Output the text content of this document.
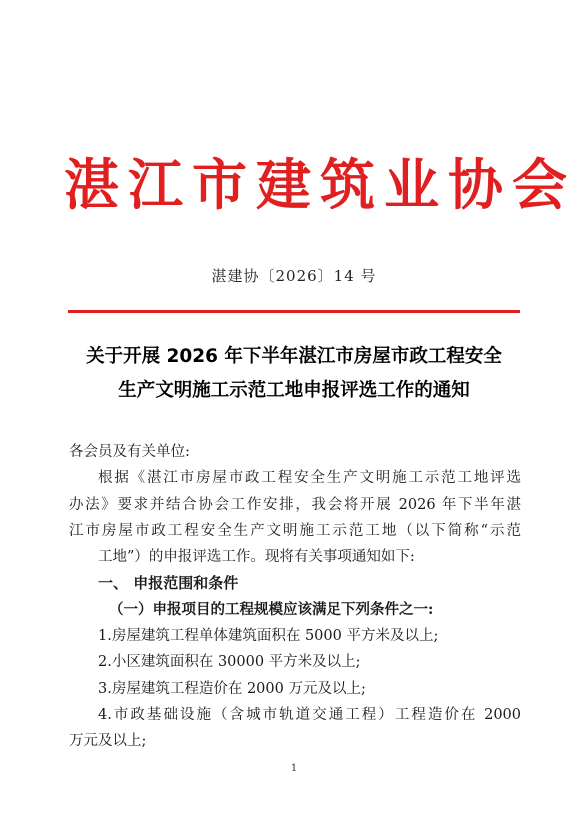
湛江市建筑业协会
湛建协〔2026〕14 号
关于开展 2026 年下半年湛江市房屋市政工程安全
生产文明施工示范工地申报评选工作的通知
各会员及有关单位:
根据《湛江市房屋市政工程安全生产文明施工示范工地评选
办法》要求并结合协会工作安排，我会将开展 2026 年下半年湛
江市房屋市政工程安全生产文明施工示范工地（以下简称“示范
工地”）的申报评选工作。现将有关事项通知如下:
一、 申报范围和条件
（一）申报项目的工程规模应该满足下列条件之一:
1.房屋建筑工程单体建筑面积在 5000 平方米及以上;
2.小区建筑面积在 30000 平方米及以上;
3.房屋建筑工程造价在 2000 万元及以上;
4.市政基础设施（含城市轨道交通工程）工程造价在 2000
万元及以上;
1
